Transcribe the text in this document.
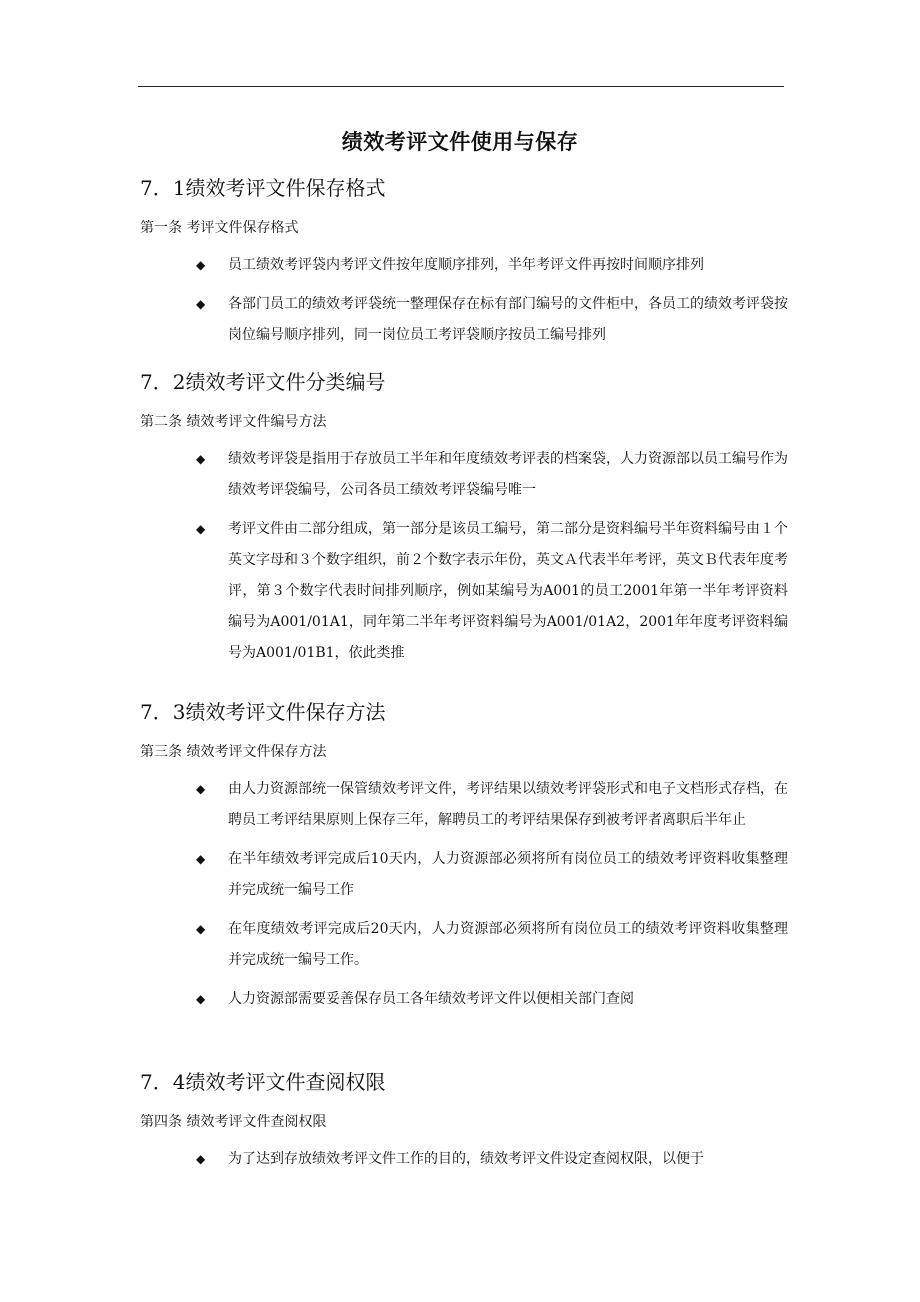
绩效考评文件使用与保存
7．1绩效考评文件保存格式
第一条 考评文件保存格式
◆ 员工绩效考评袋内考评文件按年度顺序排列，半年考评文件再按时间顺序排列
◆ 各部门员工的绩效考评袋统一整理保存在标有部门编号的文件柜中，各员工的绩效考评袋按岗位编号顺序排列，同一岗位员工考评袋顺序按员工编号排列
7．2绩效考评文件分类编号
第二条 绩效考评文件编号方法
◆ 绩效考评袋是指用于存放员工半年和年度绩效考评表的档案袋，人力资源部以员工编号作为绩效考评袋编号，公司各员工绩效考评袋编号唯一
◆ 考评文件由二部分组成，第一部分是该员工编号，第二部分是资料编号半年资料编号由１个英文字母和３个数字组织，前２个数字表示年份，英文Ａ代表半年考评，英文Ｂ代表年度考评，第３个数字代表时间排列顺序，例如某编号为A001的员工2001年第一半年考评资料编号为A001/01A1，同年第二半年考评资料编号为A001/01A2，2001年年度考评资料编号为A001/01B1，依此类推
7．3绩效考评文件保存方法
第三条 绩效考评文件保存方法
◆ 由人力资源部统一保管绩效考评文件，考评结果以绩效考评袋形式和电子文档形式存档，在聘员工考评结果原则上保存三年，解聘员工的考评结果保存到被考评者离职后半年止
◆ 在半年绩效考评完成后10天内，人力资源部必须将所有岗位员工的绩效考评资料收集整理并完成统一编号工作
◆ 在年度绩效考评完成后20天内，人力资源部必须将所有岗位员工的绩效考评资料收集整理并完成统一编号工作。
◆ 人力资源部需要妥善保存员工各年绩效考评文件以便相关部门查阅
7．4绩效考评文件查阅权限
第四条 绩效考评文件查阅权限
◆ 为了达到存放绩效考评文件工作的目的，绩效考评文件设定查阅权限，以便于
